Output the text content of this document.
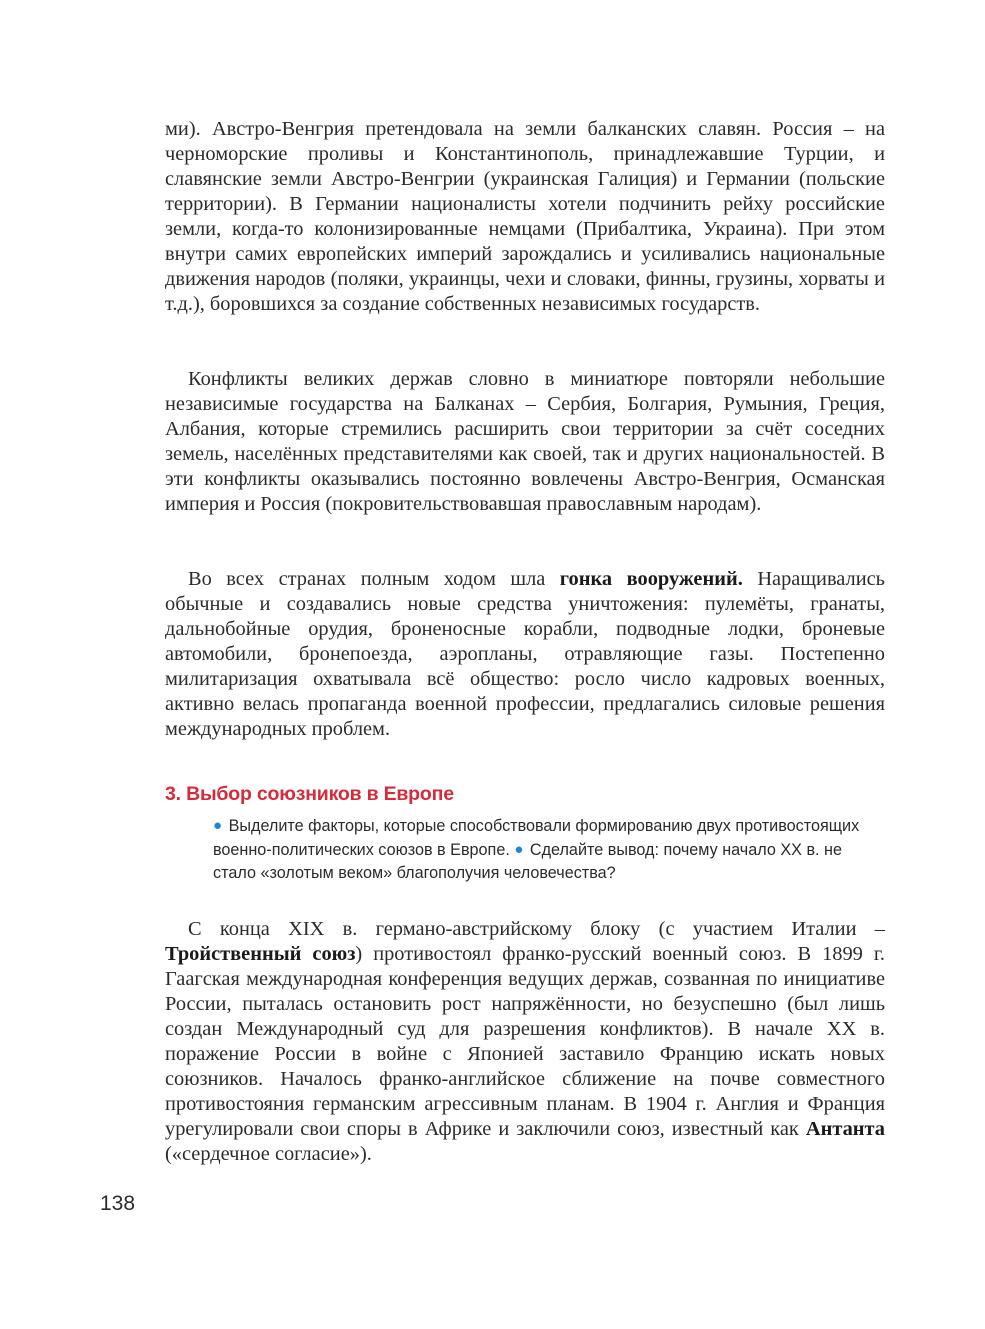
ми). Австро-Венгрия претендовала на земли балканских славян. Россия – на черноморские проливы и Константинополь, принадлежавшие Турции, и славянские земли Австро-Венгрии (украинская Галиция) и Германии (польские территории). В Германии националисты хотели подчинить рейху российские земли, когда-то колонизированные немцами (Прибалтика, Украина). При этом внутри самих европейских империй зарождались и усиливались национальные движения народов (поляки, украинцы, чехи и словаки, финны, грузины, хорваты и т.д.), боровшихся за создание собственных независимых государств.

Конфликты великих держав словно в миниатюре повторяли небольшие независимые государства на Балканах – Сербия, Болгария, Румыния, Греция, Албания, которые стремились расширить свои территории за счёт соседних земель, населённых представителями как своей, так и других национальностей. В эти конфликты оказывались постоянно вовлечены Австро-Венгрия, Османская империя и Россия (покровительствовавшая православным народам).

Во всех странах полным ходом шла гонка вооружений. Наращивались обычные и создавались новые средства уничтожения: пулемёты, гранаты, дальнобойные орудия, броненосные корабли, подводные лодки, броневые автомобили, бронепоезда, аэропланы, отравляющие газы. Постепенно милитаризация охватывала всё общество: росло число кадровых военных, активно велась пропаганда военной профессии, предлагались силовые решения международных проблем.

3. Выбор союзников в Европе

● Выделите факторы, которые способствовали формированию двух противостоящих военно-политических союзов в Европе. ● Сделайте вывод: почему начало XX в. не стало «золотым веком» благополучия человечества?

С конца XIX в. германо-австрийскому блоку (с участием Италии – Тройственный союз) противостоял франко-русский военный союз. В 1899 г. Гаагская международная конференция ведущих держав, созванная по инициативе России, пыталась остановить рост напряжённости, но безуспешно (был лишь создан Международный суд для разрешения конфликтов). В начале XX в. поражение России в войне с Японией заставило Францию искать новых союзников. Началось франко-английское сближение на почве совместного противостояния германским агрессивным планам. В 1904 г. Англия и Франция урегулировали свои споры в Африке и заключили союз, известный как Антанта («сердечное согласие»).

138
